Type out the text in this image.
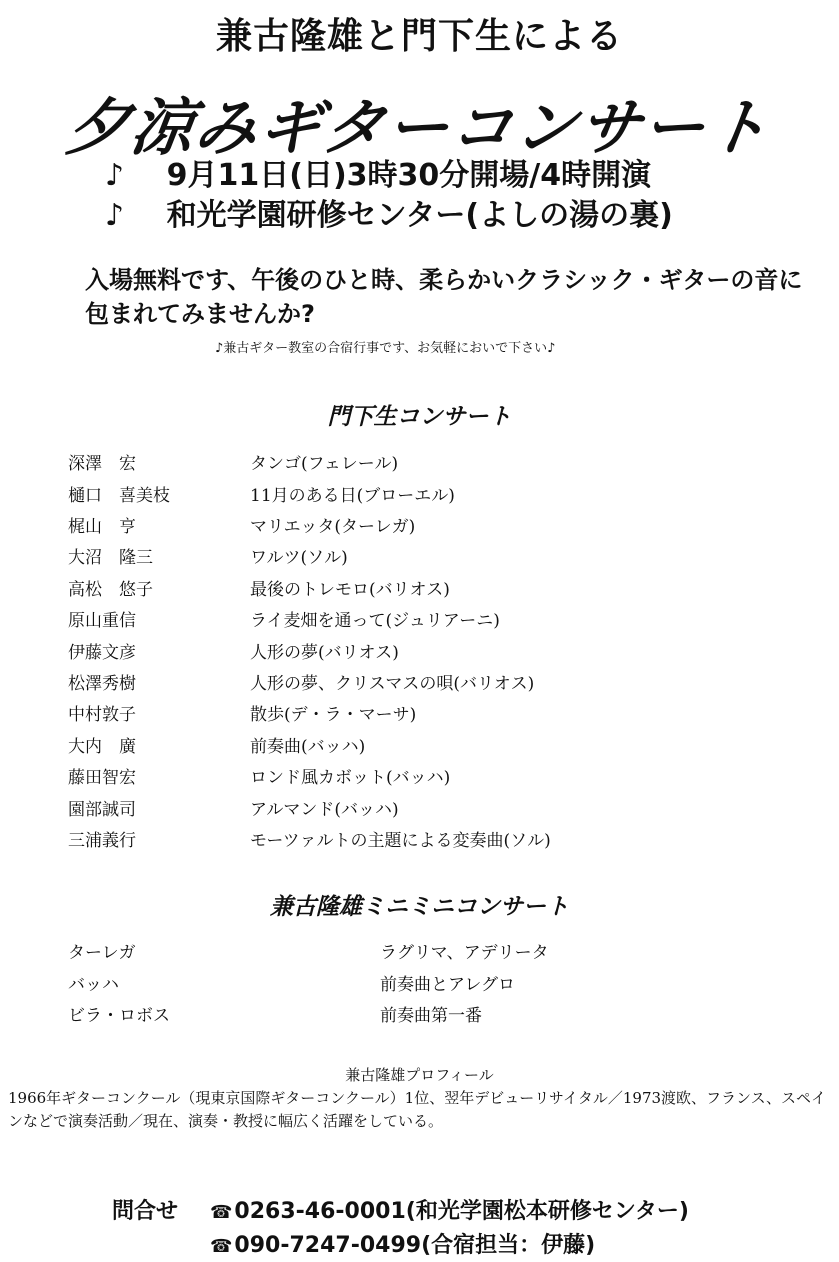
兼古隆雄と門下生による
夕涼みギターコンサート
♪ 9月11日(日)3時30分開場/4時開演
♪ 和光学園研修センター(よしの湯の裏)
入場無料です、午後のひと時、柔らかいクラシック・ギターの音に
包まれてみませんか?
♪兼古ギター教室の合宿行事です、お気軽においで下さい♪
門下生コンサート
深澤　宏	タンゴ(フェレール)
樋口　喜美枝	11月のある日(ブローエル)
梶山　亨	マリエッタ(ターレガ)
大沼　隆三	ワルツ(ソル)
高松　悠子	最後のトレモロ(バリオス)
原山重信	ライ麦畑を通って(ジュリアーニ)
伊藤文彦	人形の夢(バリオス)
松澤秀樹	人形の夢、クリスマスの唄(バリオス)
中村敦子	散歩(デ・ラ・マーサ)
大内　廣	前奏曲(バッハ)
藤田智宏	ロンド風カボット(バッハ)
園部誠司	アルマンド(バッハ)
三浦義行	モーツァルトの主題による変奏曲(ソル)
兼古隆雄ミニミニコンサート
ターレガ	ラグリマ、アデリータ
バッハ	前奏曲とアレグロ
ビラ・ロボス	前奏曲第一番
兼古隆雄プロフィール
1966年ギターコンクール（現東京国際ギターコンクール）1位、翌年デビューリサイタル／1973渡欧、フランス、スペインなどで演奏活動／現在、演奏・教授に幅広く活躍をしている。
問合せ ☎0263-46-0001(和光学園松本研修センター)
☎090-7247-0499(合宿担当：伊藤)
